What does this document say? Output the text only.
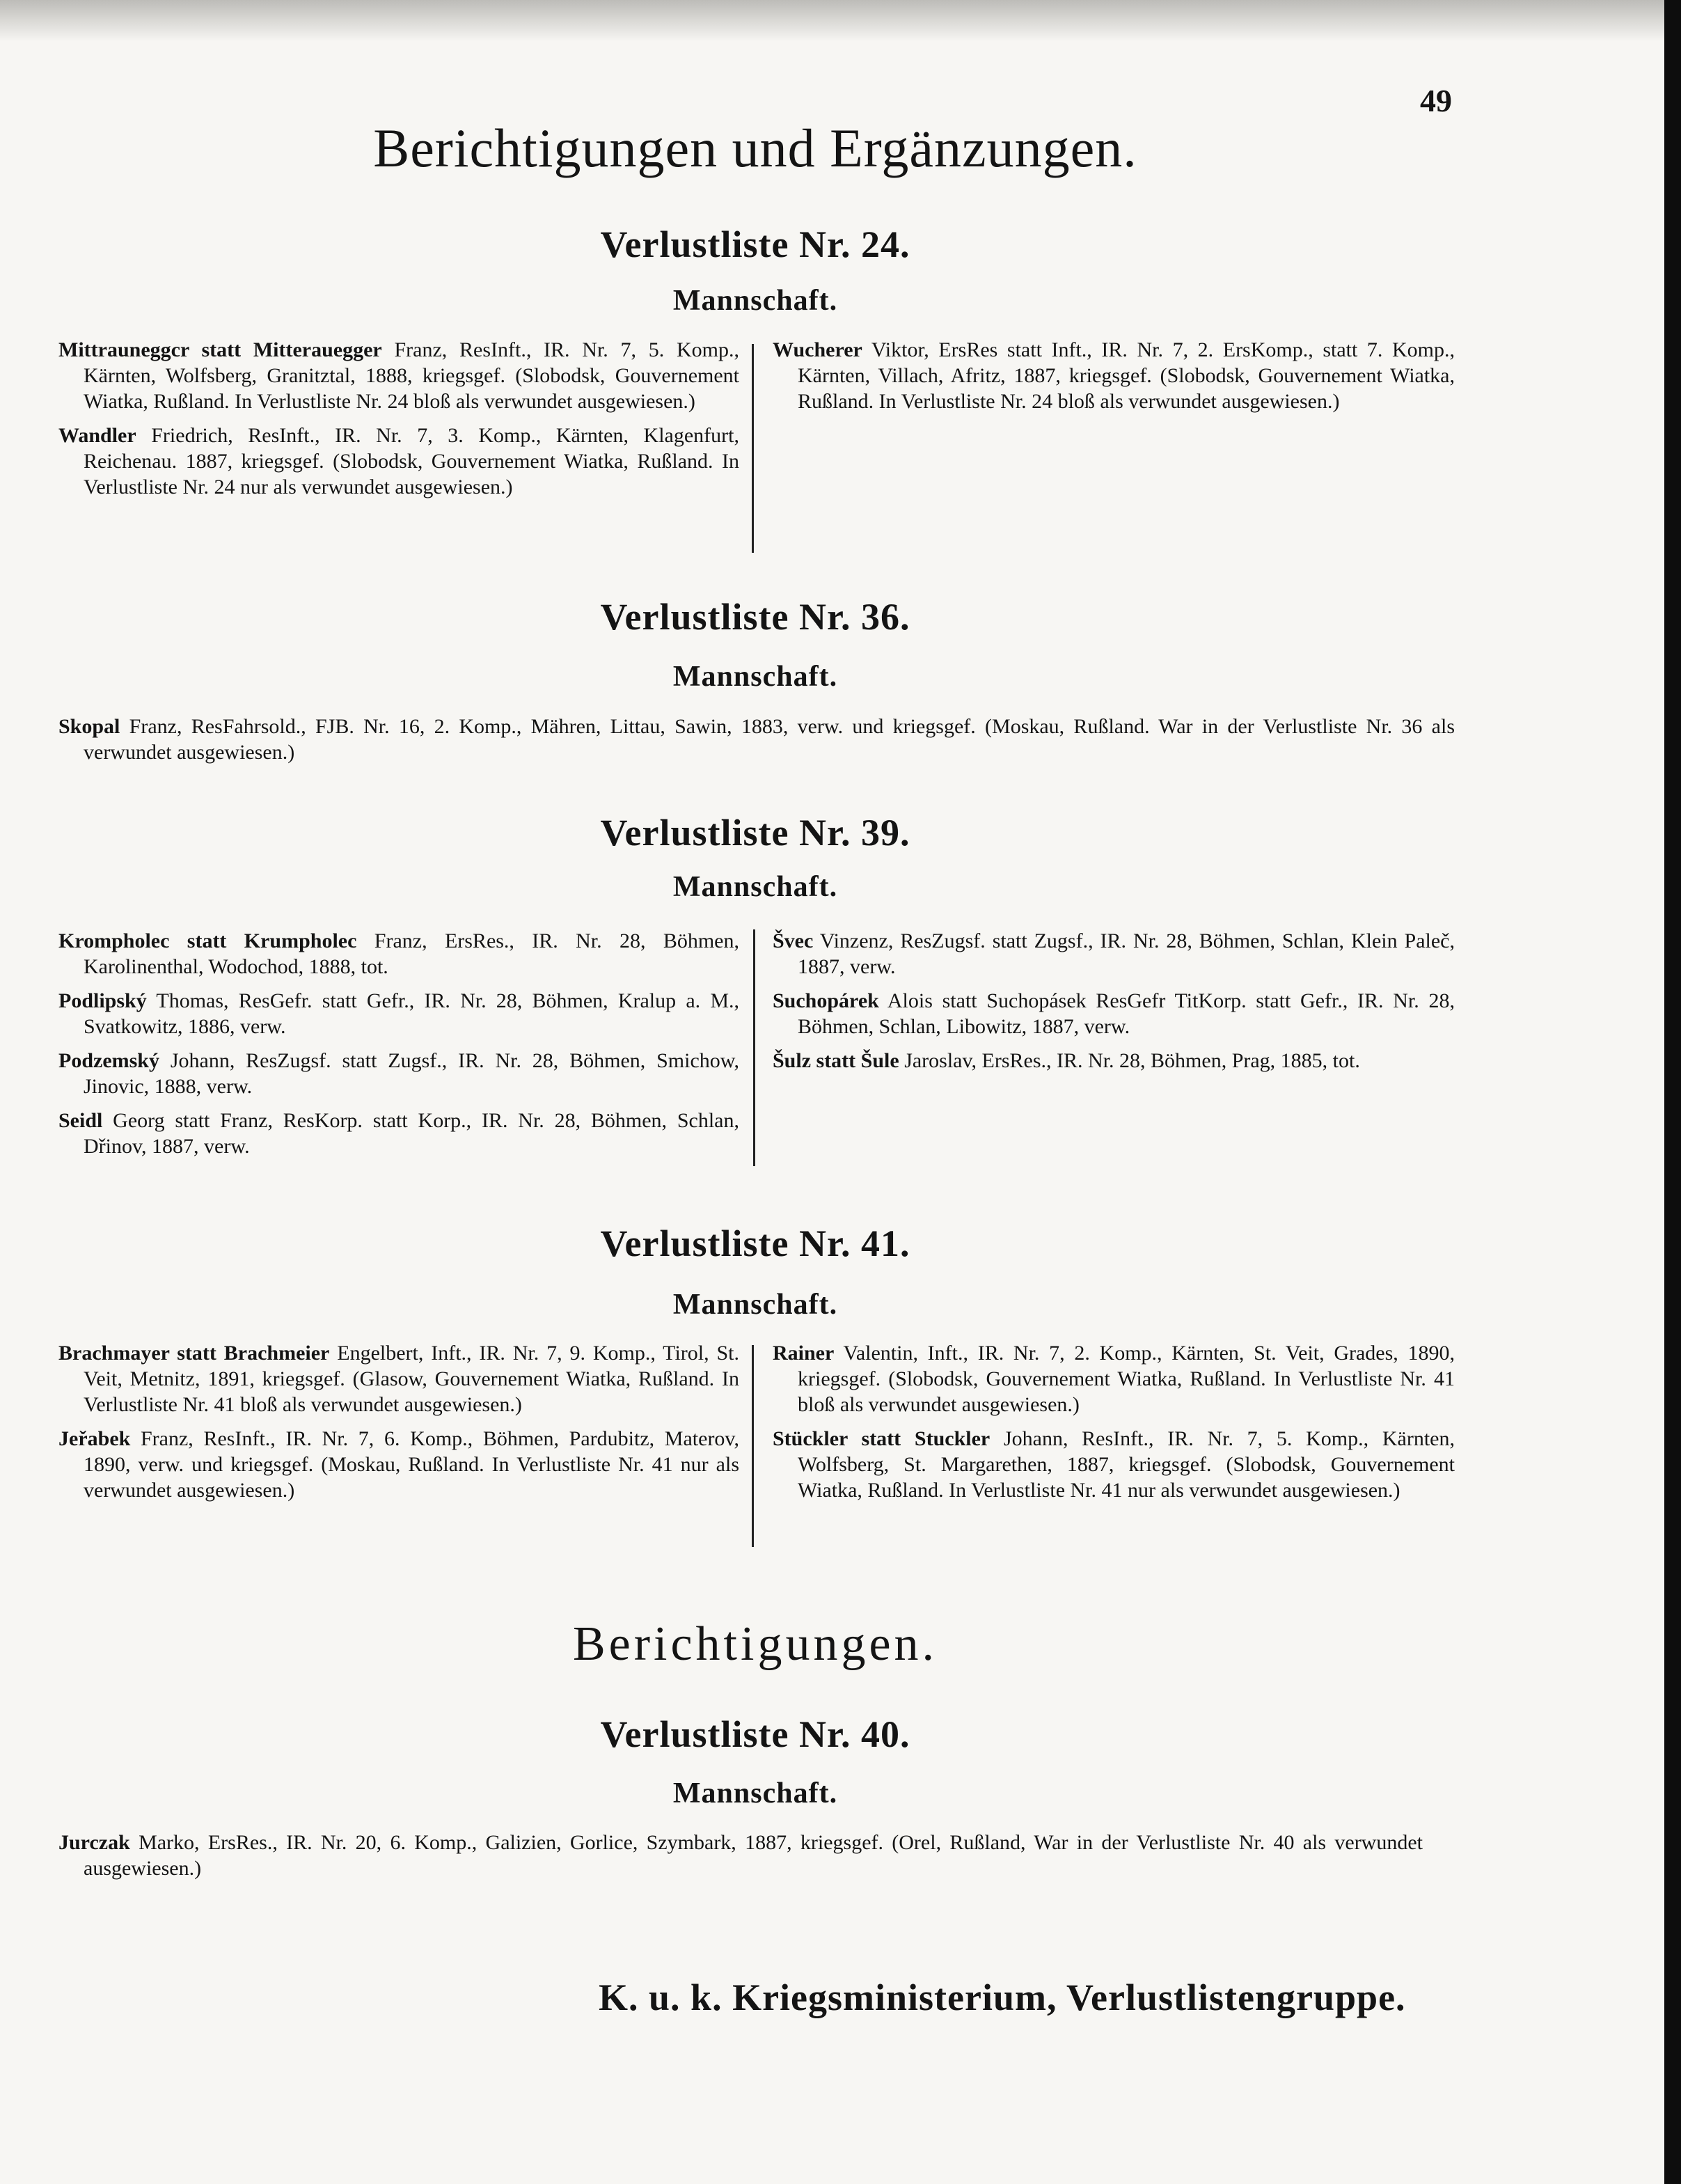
49
Berichtigungen und Ergänzungen.
Verlustliste Nr. 24.
Mannschaft.

Mittrauneggcr statt Mitterauegger Franz, ResInft., IR. Nr. 7, 5. Komp., Kärnten, Wolfsberg, Granitztal, 1888, kriegsgef. (Slobodsk, Gouvernement Wiatka, Rußland. In Verlustliste Nr. 24 bloß als verwundet ausgewiesen.)

Wandler Friedrich, ResInft., IR. Nr. 7, 3. Komp., Kärnten, Klagenfurt, Reichenau. 1887, kriegsgef. (Slobodsk, Gouvernement Wiatka, Rußland. In Verlustliste Nr. 24 nur als verwundet ausgewiesen.)

Wucherer Viktor, ErsRes statt Inft., IR. Nr. 7, 2. ErsKomp., statt 7. Komp., Kärnten, Villach, Afritz, 1887, kriegsgef. (Slobodsk, Gouvernement Wiatka, Rußland. In Verlustliste Nr. 24 bloß als verwundet ausgewiesen.)

Verlustliste Nr. 36.
Mannschaft.

Skopal Franz, ResFahrsold., FJB. Nr. 16, 2. Komp., Mähren, Littau, Sawin, 1883, verw. und kriegsgef. (Moskau, Rußland. War in der Verlustliste Nr. 36 als verwundet ausgewiesen.)

Verlustliste Nr. 39.
Mannschaft.

Krompholec statt Krumpholec Franz, ErsRes., IR. Nr. 28, Böhmen, Karolinenthal, Wodochod, 1888, tot.

Podlipský Thomas, ResGefr. statt Gefr., IR. Nr. 28, Böhmen, Kralup a. M., Svatkowitz, 1886, verw.

Podzemský Johann, ResZugsf. statt Zugsf., IR. Nr. 28, Böhmen, Smichow, Jinovic, 1888, verw.

Seidl Georg statt Franz, ResKorp. statt Korp., IR. Nr. 28, Böhmen, Schlan, Dřinov, 1887, verw.

Švec Vinzenz, ResZugsf. statt Zugsf., IR. Nr. 28, Böhmen, Schlan, Klein Paleč, 1887, verw.

Suchopárek Alois statt Suchopásek ResGefr TitKorp. statt Gefr., IR. Nr. 28, Böhmen, Schlan, Libowitz, 1887, verw.

Šulz statt Šule Jaroslav, ErsRes., IR. Nr. 28, Böhmen, Prag, 1885, tot.

Verlustliste Nr. 41.
Mannschaft.

Brachmayer statt Brachmeier Engelbert, Inft., IR. Nr. 7, 9. Komp., Tirol, St. Veit, Metnitz, 1891, kriegsgef. (Glasow, Gouvernement Wiatka, Rußland. In Verlustliste Nr. 41 bloß als verwundet ausgewiesen.)

Jeřabek Franz, ResInft., IR. Nr. 7, 6. Komp., Böhmen, Pardubitz, Materov, 1890, verw. und kriegsgef. (Moskau, Rußland. In Verlustliste Nr. 41 nur als verwundet ausgewiesen.)

Rainer Valentin, Inft., IR. Nr. 7, 2. Komp., Kärnten, St. Veit, Grades, 1890, kriegsgef. (Slobodsk, Gouvernement Wiatka, Rußland. In Verlustliste Nr. 41 bloß als verwundet ausgewiesen.)

Stückler statt Stuckler Johann, ResInft., IR. Nr. 7, 5. Komp., Kärnten, Wolfsberg, St. Margarethen, 1887, kriegsgef. (Slobodsk, Gouvernement Wiatka, Rußland. In Verlustliste Nr. 41 nur als verwundet ausgewiesen.)

Berichtigungen.
Verlustliste Nr. 40.
Mannschaft.

Jurczak Marko, ErsRes., IR. Nr. 20, 6. Komp., Galizien, Gorlice, Szymbark, 1887, kriegsgef. (Orel, Rußland, War in der Verlustliste Nr. 40 als verwundet ausgewiesen.)

K. u. k. Kriegsministerium, Verlustlistengruppe.
